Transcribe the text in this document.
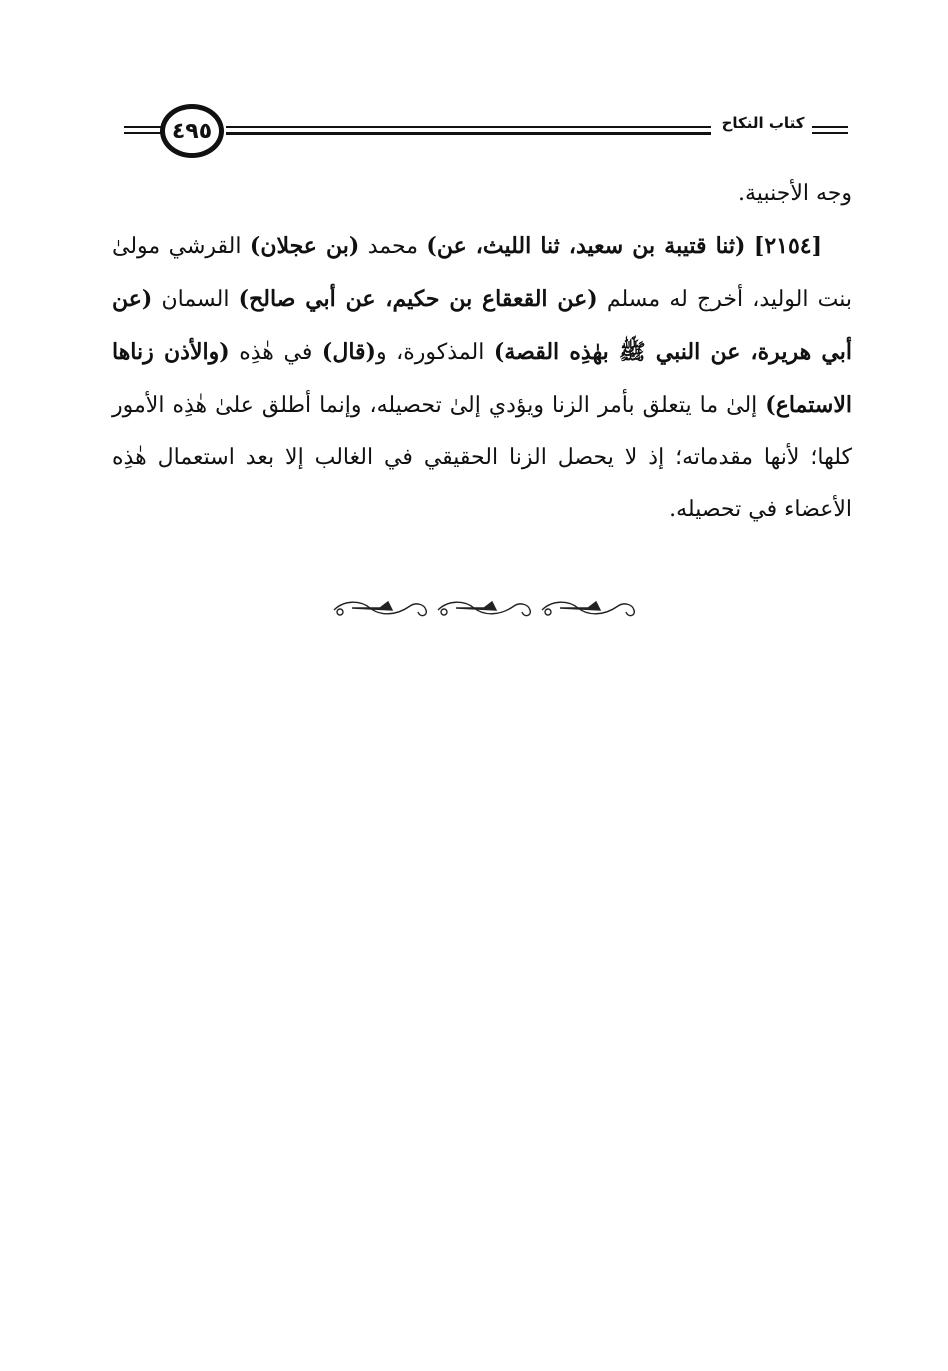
٤٩٥	كتاب النكاح

وجه الأجنبية.

[٢١٥٤] (ثنا قتيبة بن سعيد، ثنا الليث، عن) محمد (بن عجلان) القرشي مولىٰ بنت الوليد، أخرج له مسلم (عن القعقاع بن حكيم، عن أبي صالح) السمان (عن أبي هريرة، عن النبي ﷺ بهٰذِه القصة) المذكورة، و(قال) في هٰذِه (والأذن زناها الاستماع) إلىٰ ما يتعلق بأمر الزنا ويؤدي إلىٰ تحصيله، وإنما أطلق علىٰ هٰذِه الأمور كلها؛ لأنها مقدماته؛ إذ لا يحصل الزنا الحقيقي في الغالب إلا بعد استعمال هٰذِه الأعضاء في تحصيله.
